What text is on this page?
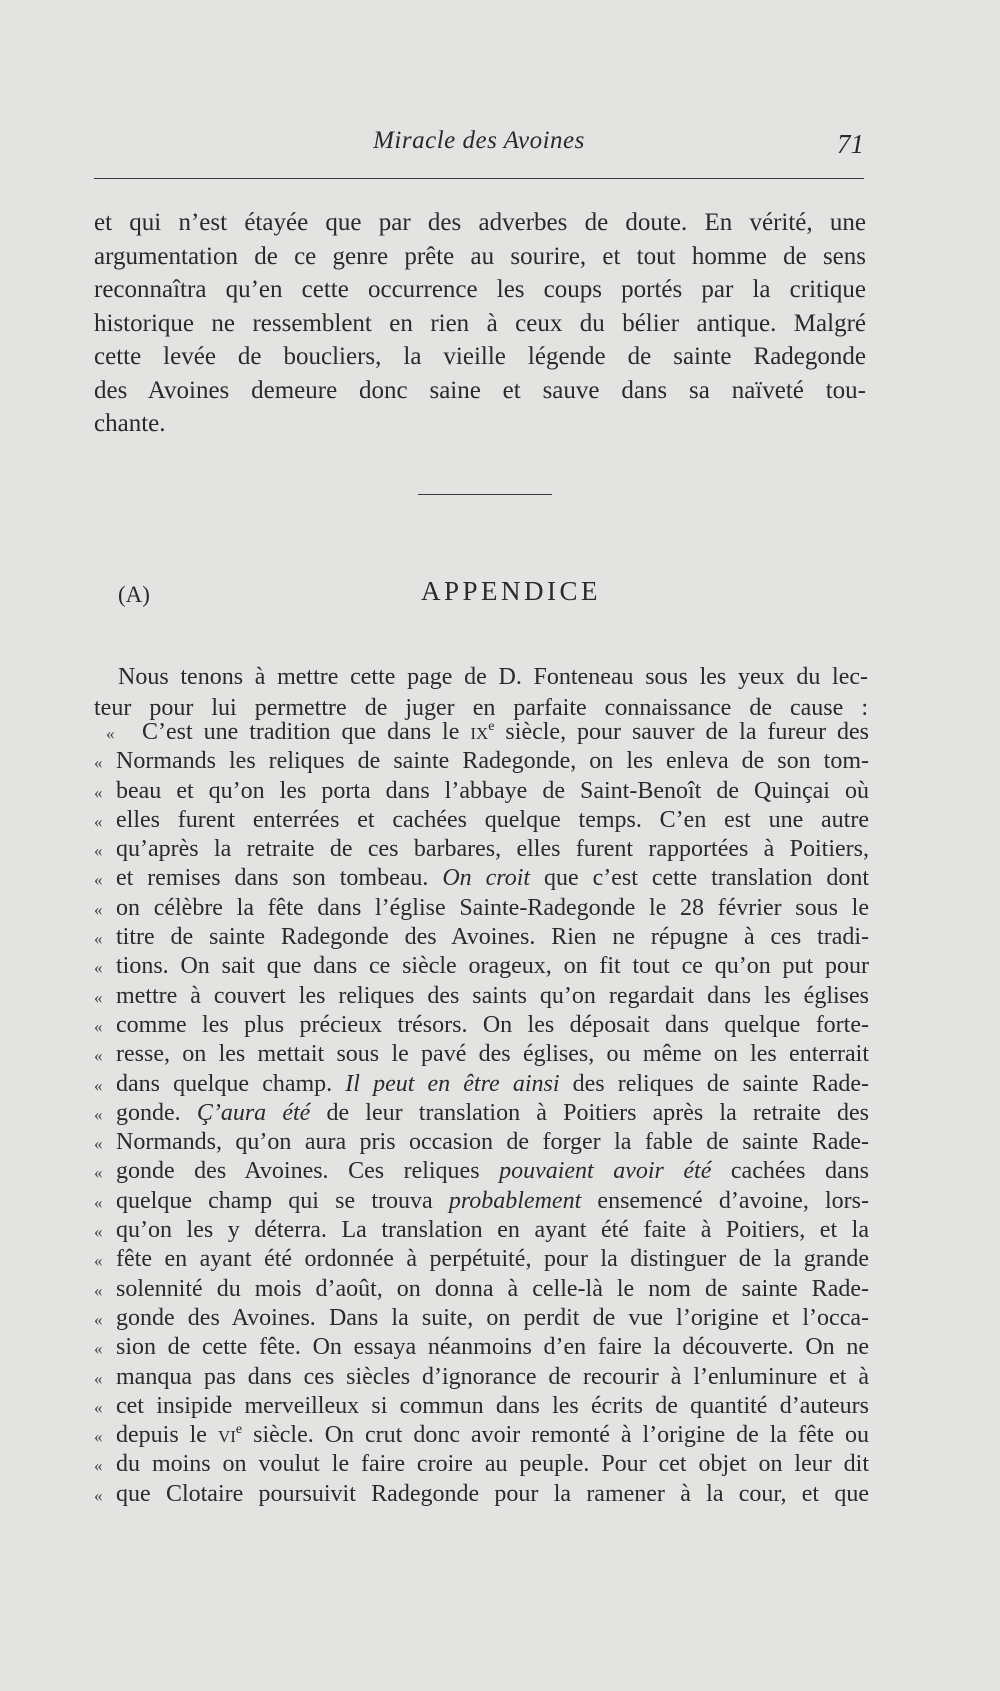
Miracle des Avoines	71
et qui n’est étayée que par des adverbes de doute. En vérité, une
argumentation de ce genre prête au sourire, et tout homme de sens
reconnaîtra qu’en cette occurrence les coups portés par la critique
historique ne ressemblent en rien à ceux du bélier antique. Malgré
cette levée de boucliers, la vieille légende de sainte Radegonde
des Avoines demeure donc saine et sauve dans sa naïveté tou-
chante.
(A)	APPENDICE
Nous tenons à mettre cette page de D. Fonteneau sous les yeux du lec-
teur pour lui permettre de juger en parfaite connaissance de cause :
«	C’est une tradition que dans le $ix^e$ siècle, pour sauver de la fureur des
« Normands les reliques de sainte Radegonde, on les enleva de son tom-
« beau et qu’on les porta dans l’abbaye de Saint-Benoît de Quinçai où
« elles furent enterrées et cachées quelque temps. C’en est une autre
« qu’après la retraite de ces barbares, elles furent rapportées à Poitiers,
« et remises dans son tombeau. On croit que c’est cette translation dont
« on célèbre la fête dans l’église Sainte-Radegonde le 28 février sous le
« titre de sainte Radegonde des Avoines. Rien ne répugne à ces tradi-
« tions. On sait que dans ce siècle orageux, on fit tout ce qu’on put pour
« mettre à couvert les reliques des saints qu’on regardait dans les églises
« comme les plus précieux trésors. On les déposait dans quelque forte-
« resse, on les mettait sous le pavé des églises, ou même on les enterrait
« dans quelque champ. Il peut en être ainsi des reliques de sainte Rade-
« gonde. Ç’aura été de leur translation à Poitiers après la retraite des
« Normands, qu’on aura pris occasion de forger la fable de sainte Rade-
« gonde des Avoines. Ces reliques pouvaient avoir été cachées dans
« quelque champ qui se trouva probablement ensemencé d’avoine, lors-
« qu’on les y déterra. La translation en ayant été faite à Poitiers, et la
« fête en ayant été ordonnée à perpétuité, pour la distinguer de la grande
« solennité du mois d’août, on donna à celle-là le nom de sainte Rade-
« gonde des Avoines. Dans la suite, on perdit de vue l’origine et l’occa-
« sion de cette fête. On essaya néanmoins d’en faire la découverte. On ne
« manqua pas dans ces siècles d’ignorance de recourir à l’enluminure et à
« cet insipide merveilleux si commun dans les écrits de quantité d’auteurs
« depuis le $vi^e$ siècle. On crut donc avoir remonté à l’origine de la fête ou
« du moins on voulut le faire croire au peuple. Pour cet objet on leur dit
« que Clotaire poursuivit Radegonde pour la ramener à la cour, et que
